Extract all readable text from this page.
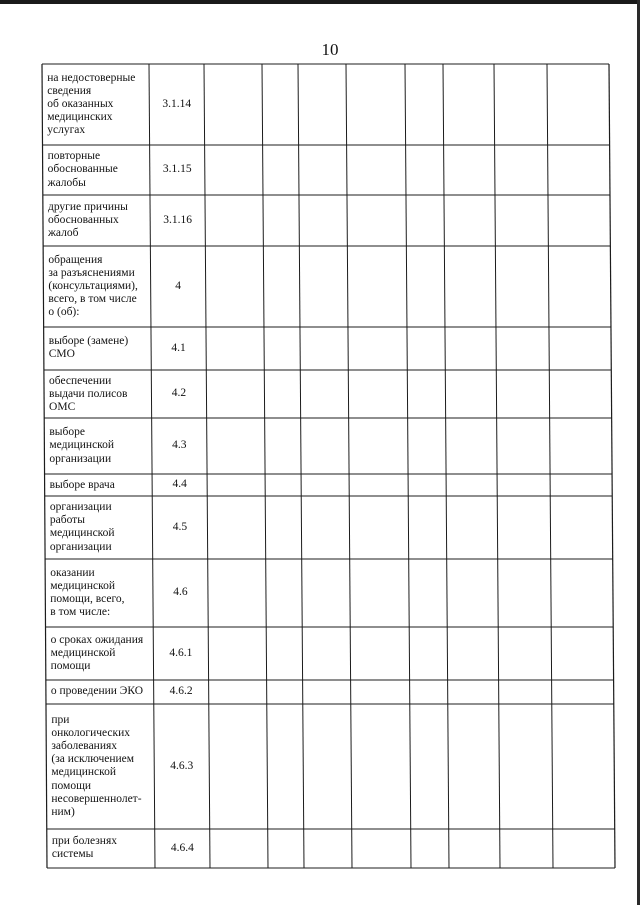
10
на недостоверные
сведения
об оказанных
медицинских
услугах
3.1.14
повторные
обоснованные
жалобы
3.1.15
другие причины
обоснованных
жалоб
3.1.16
обращения
за разъяснениями
(консультациями),
всего, в том числе
о (об):
4
выборе (замене)
СМО
4.1
обеспечении
выдачи полисов
ОМС
4.2
выборе
медицинской
организации
4.3
выборе врача	4.4
организации
работы
медицинской
организации
4.5
оказании
медицинской
помощи, всего,
в том числе:
4.6
о сроках ожидания
медицинской
помощи
4.6.1
о проведении ЭКО	4.6.2
при
онкологических
заболеваниях
(за исключением
медицинской
помощи
несовершеннолет-
ним)
4.6.3
при болезнях
системы
4.6.4
